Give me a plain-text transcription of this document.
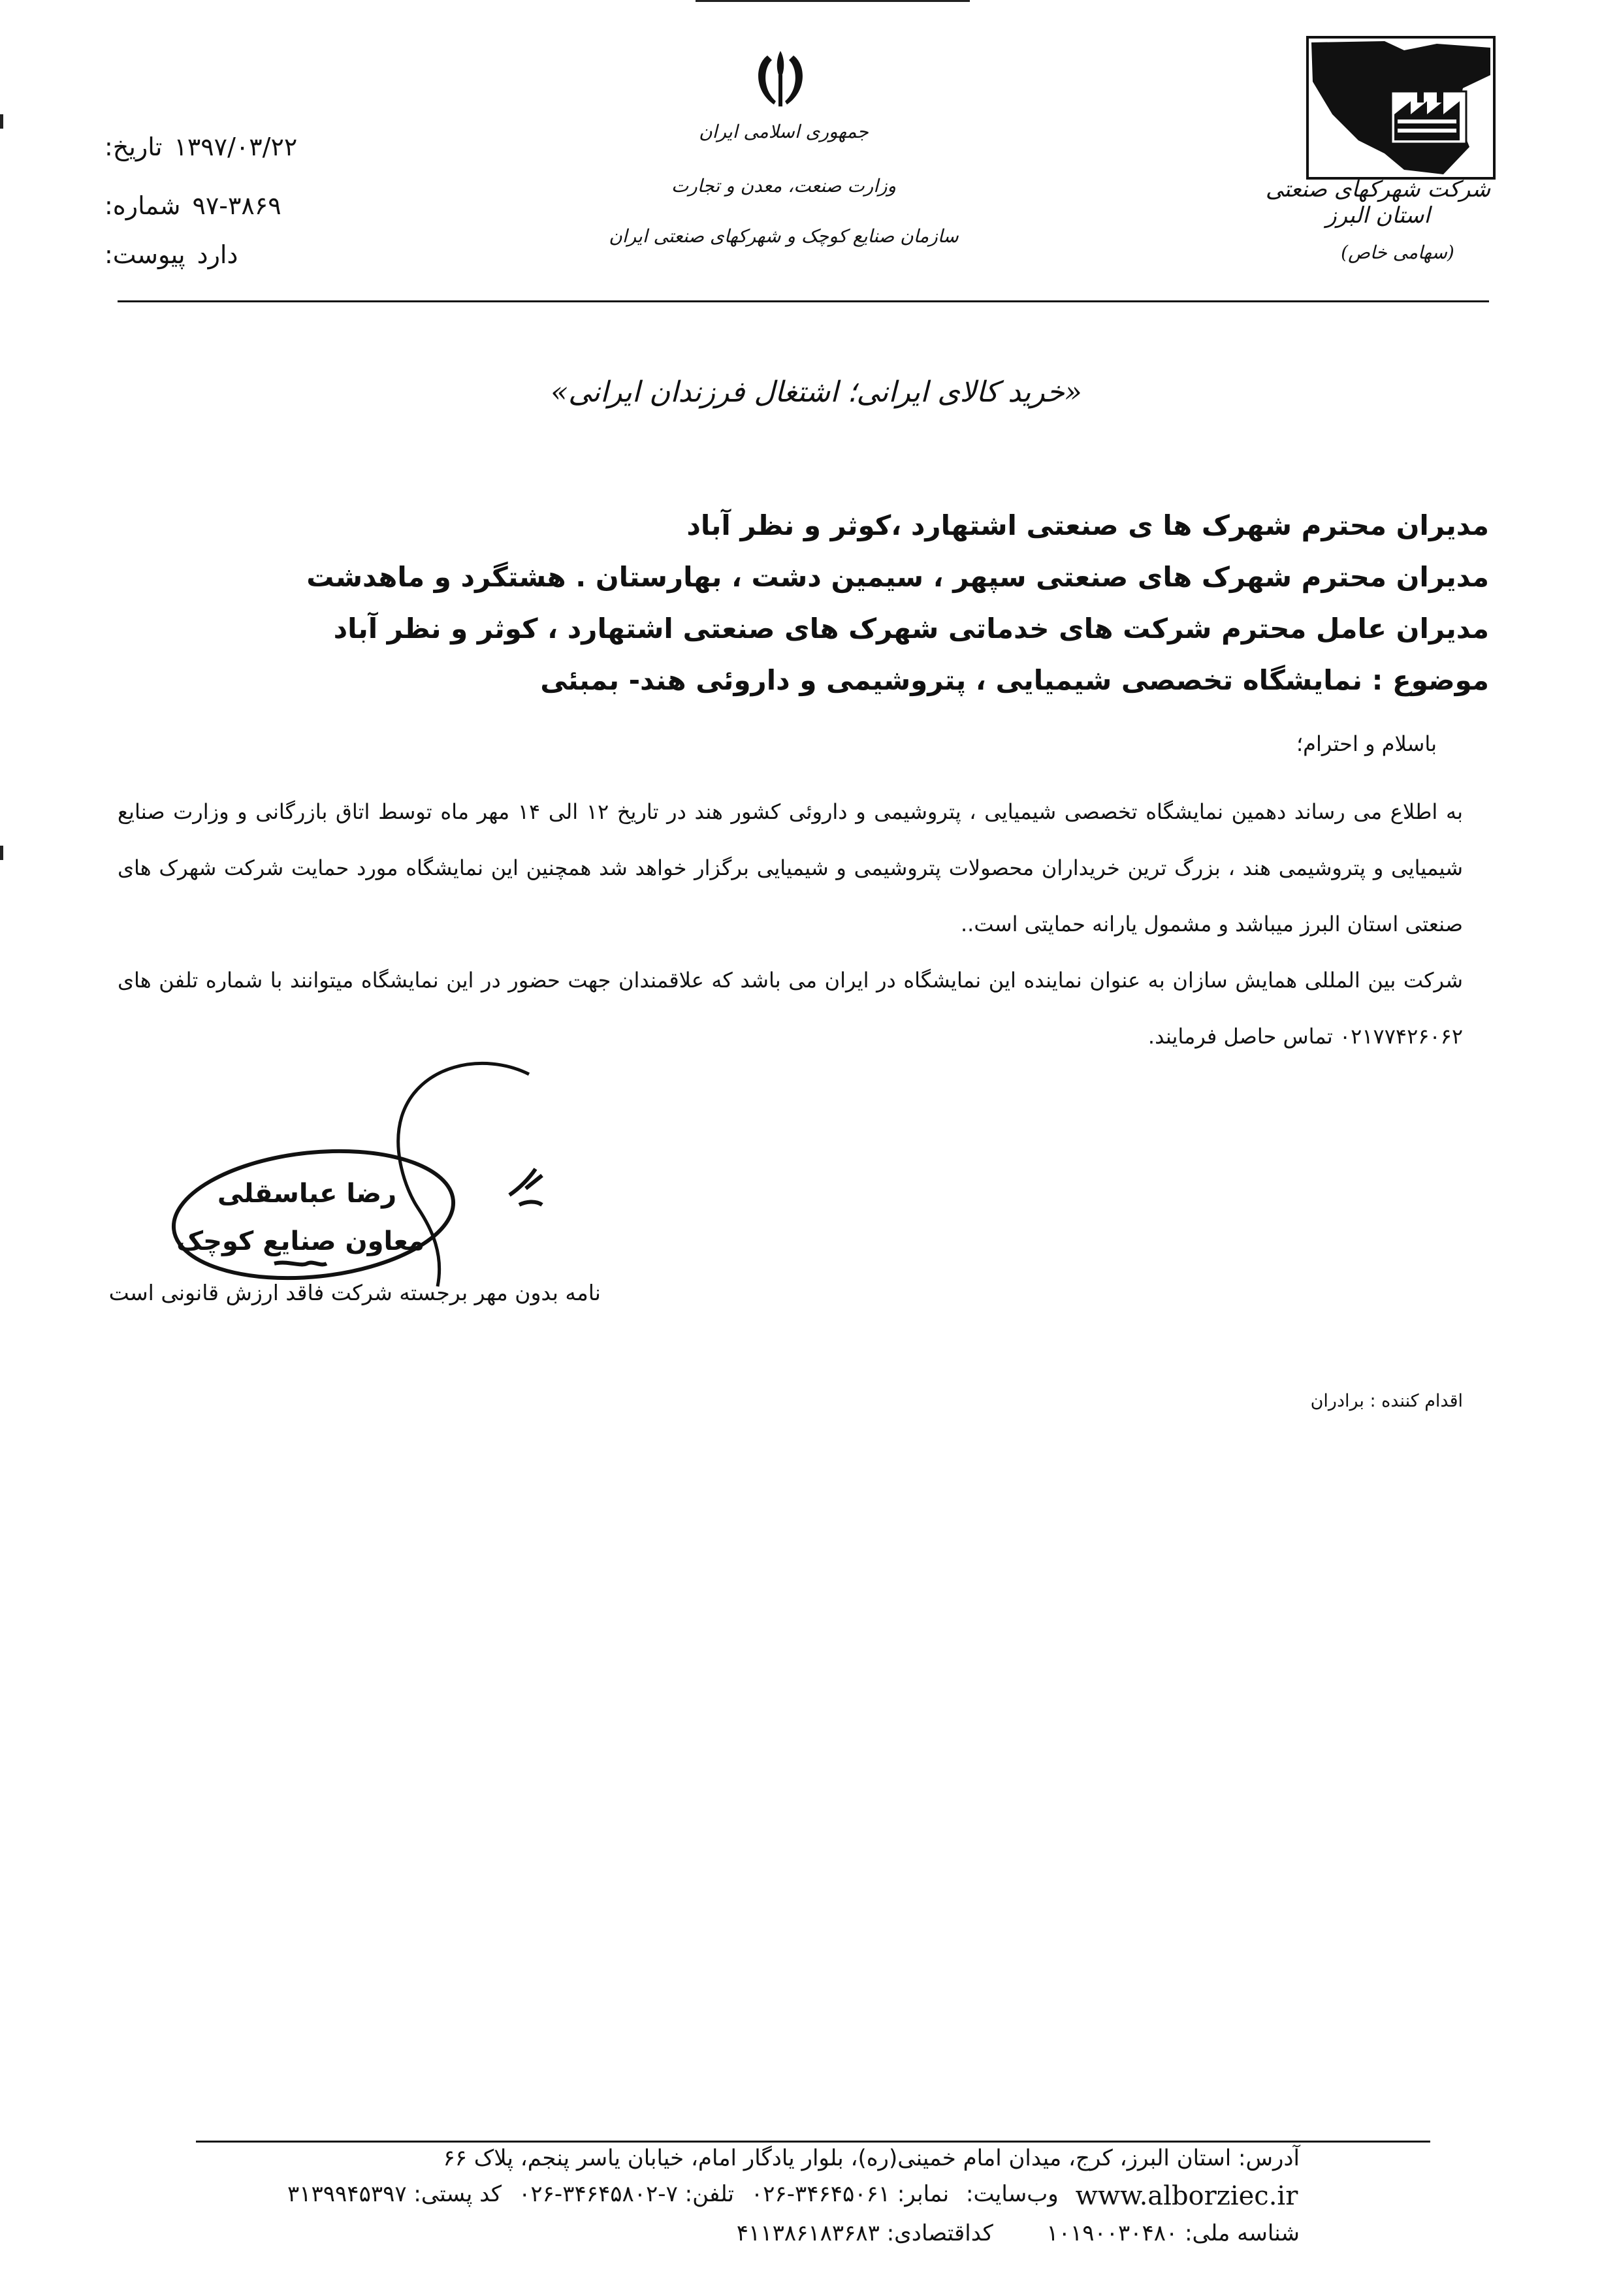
شرکت شهرکهای صنعتی استان البرز
(سهامی خاص)
جمهوری اسلامی ایران
وزارت صنعت، معدن و تجارت
سازمان صنایع کوچک و شهرکهای صنعتی ایران
تاریخ: ۱۳۹۷/۰۳/۲۲
شماره: ۹۷-۳۸۶۹
پیوست: دارد
«خرید کالای ایرانی؛ اشتغال فرزندان ایرانی»
مدیران محترم شهرک ها ی صنعتی اشتهارد ،کوثر و نظر آباد
مدیران محترم شهرک های صنعتی سپهر ، سیمین دشت ، بهارستان . هشتگرد و ماهدشت
مدیران عامل محترم شرکت های خدماتی شهرک های صنعتی اشتهارد ، کوثر و نظر آباد
موضوع : نمایشگاه تخصصی شیمیایی ، پتروشیمی و داروئی هند- بمبئی
باسلام و احترام؛

به اطلاع می رساند دهمین نمایشگاه تخصصی شیمیایی ، پتروشیمی و داروئی کشور هند در تاریخ ۱۲ الی ۱۴ مهر ماه توسط اتاق بازرگانی و وزارت صنایع شیمیایی و پتروشیمی هند ، بزرگ ترین خریداران محصولات پتروشیمی و شیمیایی برگزار خواهد شد همچنین این نمایشگاه مورد حمایت شرکت شهرک های صنعتی استان البرز میباشد و مشمول یارانه حمایتی است..

شرکت بین المللی همایش سازان به عنوان نماینده این نمایشگاه در ایران می باشد که علاقمندان جهت حضور در این نمایشگاه میتوانند با شماره تلفن های ۰۲۱۷۷۴۲۶۰۶۲ تماس حاصل فرمایند.

رضا عباسقلی
معاون صنایع کوچک
نامه بدون مهر برجسته شرکت فاقد ارزش قانونی است
اقدام کننده : برادران
آدرس: استان البرز، کرج، میدان امام خمینی(ره)، بلوار یادگار امام، خیابان یاسر پنجم، پلاک ۶۶
کد پستی: ۳۱۳۹۹۴۵۳۹۷ تلفن: ۷-۳۴۶۴۵۸۰۲-۰۲۶ نمابر: ۳۴۶۴۵۰۶۱-۰۲۶ وب‌سایت: www.alborziec.ir
شناسه ملی: ۱۰۱۹۰۰۳۰۴۸۰  کداقتصادی: ۴۱۱۳۸۶۱۸۳۶۸۳
